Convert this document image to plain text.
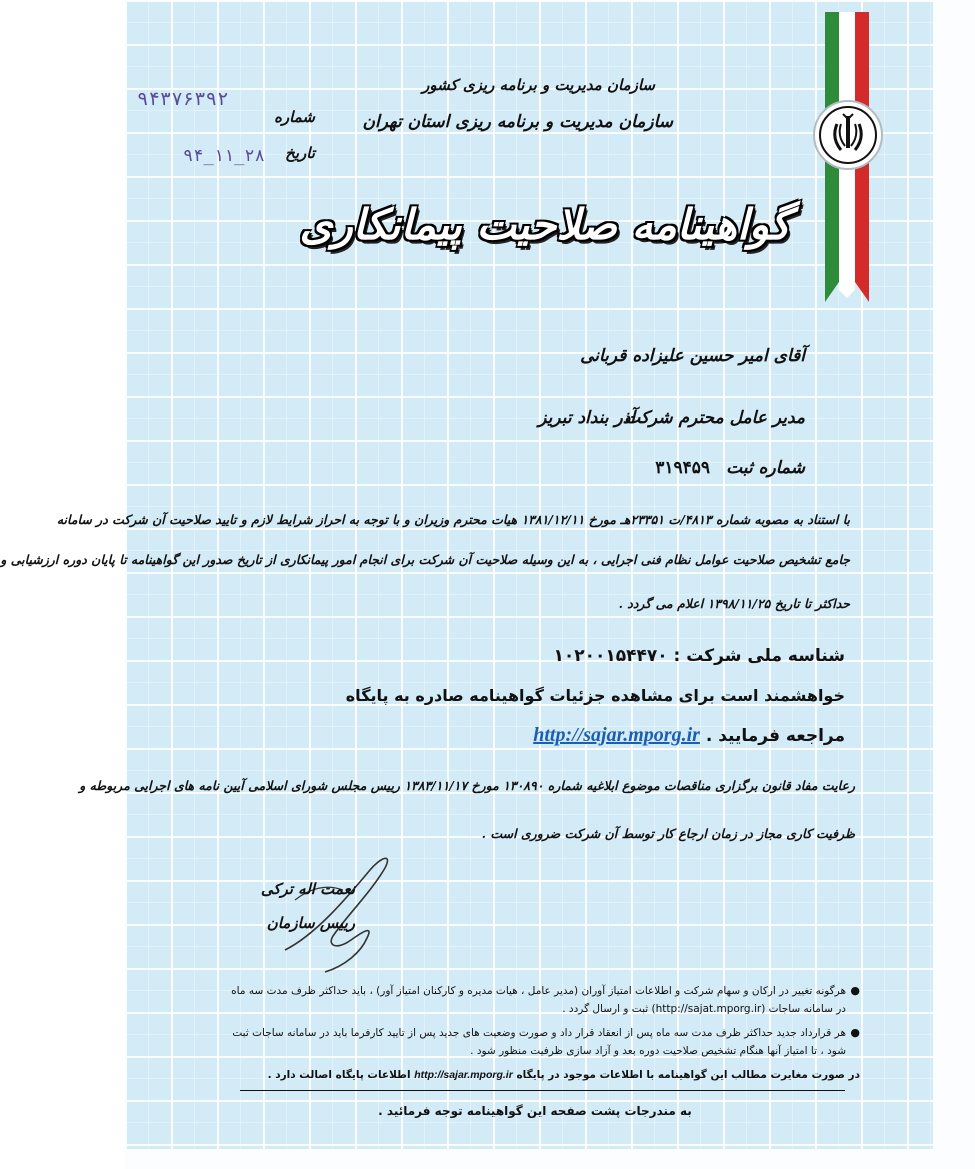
سازمان مدیریت و برنامه ریزی کشور
سازمان مدیریت و برنامه ریزی استان تهران
شماره
تاریخ
۹۴۳۷۶۳۹۲
۹۴_۱۱_۲۸
گواهینامه صلاحیت پیمانکاری
آقای امیر حسین علیزاده قربانی
مدیر عامل محترم شرکت
آذر بنداد تبریز
شماره ثبت
۳۱۹۴۵۹
با استناد به مصوبه شماره ۴۸۱۳/ت ۲۳۳۵۱هـ مورخ ۱۳۸۱/۱۲/۱۱ هیات محترم وزیران و با توجه به احراز شرایط لازم و تایید صلاحیت آن شرکت در سامانه
جامع تشخیص صلاحیت عوامل نظام فنی اجرایی ، به این وسیله صلاحیت آن شرکت برای انجام امور پیمانکاری از تاریخ صدور این گواهینامه تا پایان دوره ارزشیابی و
حداکثر تا تاریخ ۱۳۹۸/۱۱/۲۵ اعلام می گردد .
شناسه ملی شرکت : ۱۰۲۰۰۱۵۴۴۷۰
خواهشمند است برای مشاهده جزئیات گواهینامه صادره به پایگاه
مراجعه فرمایید . http://sajar.mporg.ir
رعایت مفاد قانون برگزاری مناقصات موضوع ابلاغیه شماره ۱۳۰۸۹۰ مورخ ۱۳۸۳/۱۱/۱۷ رییس مجلس شورای اسلامی آیین نامه های اجرایی مربوطه و
ظرفیت کاری مجاز در زمان ارجاع کار توسط آن شرکت ضروری است .
نعمت اله ترکی
رییس سازمان
●
هرگونه تغییر در ارکان و سهام شرکت و اطلاعات امتیاز آوران (مدیر عامل ، هیات مدیره و کارکنان امتیاز آور) ، باید حداکثر ظرف مدت سه ماه در سامانه ساجات (http://sajat.mporg.ir) ثبت و ارسال گردد .
●
هر قرارداد جدید حداکثر ظرف مدت سه ماه پس از انعقاد قرار داد و صورت وضعیت های جدید پس از تایید کارفرما باید در سامانه ساجات ثبت شود ، تا امتیاز آنها هنگام تشخیص صلاحیت دوره بعد و آزاد سازی ظرفیت منظور شود .
در صورت مغایرت مطالب این گواهینامه با اطلاعات موجود در پایگاه http://sajar.mporg.ir اطلاعات پایگاه اصالت دارد .
به مندرجات پشت صفحه این گواهینامه توجه فرمائید .
